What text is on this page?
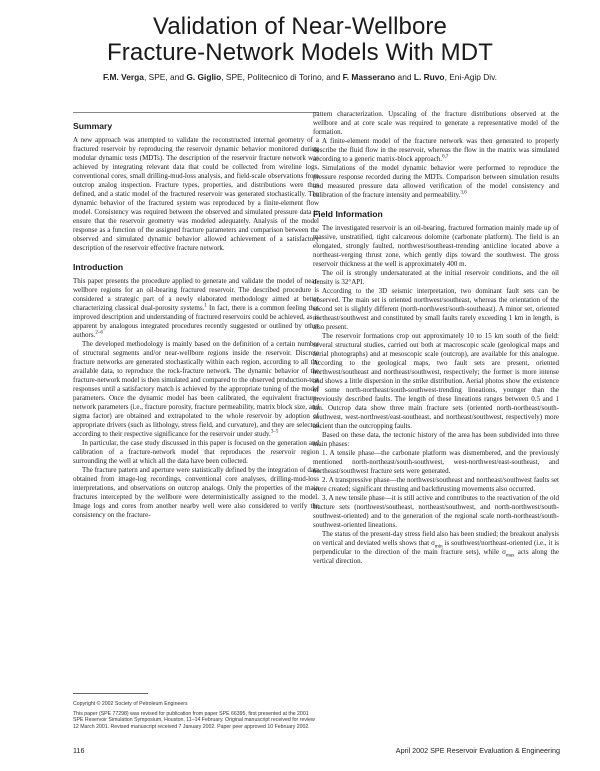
Validation of Near-Wellbore
Fracture-Network Models With MDT
F.M. Verga, SPE, and G. Giglio, SPE, Politecnico di Torino, and F. Masserano and L. Ruvo, Eni-Agip Div.
Summary

A new approach was attempted to validate the reconstructed internal geometry of a fractured reservoir by reproducing the reservoir dynamic behavior monitored during modular dynamic tests (MDTs). The description of the reservoir fracture network was achieved by integrating relevant data that could be collected from wireline logs, conventional cores, small drilling-mud-loss analysis, and field-scale observations from outcrop analog inspection. Fracture types, properties, and distributions were thus defined, and a static model of the fractured reservoir was generated stochastically. The dynamic behavior of the fractured system was reproduced by a finite-element flow model. Consistency was required between the observed and simulated pressure data to ensure that the reservoir geometry was modeled adequately. Analysis of the model response as a function of the assigned fracture parameters and comparison between the observed and simulated dynamic behavior allowed achievement of a satisfactory description of the reservoir effective fracture network.

Introduction

This paper presents the procedure applied to generate and validate the model of near-wellbore regions for an oil-bearing fractured reservoir. The described procedure is considered a strategic part of a newly elaborated methodology aimed at better characterizing classical dual-porosity systems.$^1$ In fact, there is a common feeling that improved description and understanding of fractured reservoirs could be achieved, as is apparent by analogous integrated procedures recently suggested or outlined by other authors.$^{2-6}$

The developed methodology is mainly based on the definition of a certain number of structural segments and/or near-wellbore regions inside the reservoir. Discrete fracture networks are generated stochastically within each region, according to all the available data, to reproduce the rock-fracture network. The dynamic behavior of the fracture-network model is then simulated and compared to the observed production-test responses until a satisfactory match is achieved by the appropriate tuning of the model parameters. Once the dynamic model has been calibrated, the equivalent fracture-network parameters (i.e., fracture porosity, fracture permeability, matrix block size, and sigma factor) are obtained and extrapolated to the whole reservoir by adoption of appropriate drivers (such as lithology, stress field, and curvature), and they are selected according to their respective significance for the reservoir under study.$^{3-5}$

In particular, the case study discussed in this paper is focused on the generation and calibration of a fracture-network model that reproduces the reservoir region surrounding the well at which all the data have been collected.

The fracture pattern and aperture were statistically defined by the integration of data obtained from image-log recordings, conventional core analyses, drilling-mud-loss interpretations, and observations on outcrop analogs. Only the properties of the main fractures intercepted by the wellbore were deterministically assigned to the model. Image logs and cores from another nearby well were also considered to verify the consistency on the fracture-

pattern characterization. Upscaling of the fracture distributions observed at the wellbore and at core scale was required to generate a representative model of the formation.

A finite-element model of the fracture network was then generated to properly describe the fluid flow in the reservoir, whereas the flow in the matrix was simulated according to a generic matrix-block approach.$^{6,7}$

Simulations of the model dynamic behavior were performed to reproduce the pressure response recorded during the MDTs. Comparison between simulation results and measured pressure data allowed verification of the model consistency and calibration of the fracture intensity and permeability.$^{3,6}$

Field Information

The investigated reservoir is an oil-bearing, fractured formation mainly made up of massive, unstratified, tight calcareous dolomite (carbonate platform). The field is an elongated, strongly faulted, northwest/southeast-trending anticline located above a northeast-verging thrust zone, which gently dips toward the southwest. The gross reservoir thickness at the well is approximately 400 m.

The oil is strongly undersaturated at the initial reservoir conditions, and the oil density is 32°API.

According to the 3D seismic interpretation, two dominant fault sets can be observed. The main set is oriented northwest/southeast, whereas the orientation of the second set is slightly different (north-northwest/south-southeast). A minor set, oriented northeast/southwest and constituted by small faults rarely exceeding 1 km in length, is also present.

The reservoir formations crop out approximately 10 to 15 km south of the field: several structural studies, carried out both at macroscopic scale (geological maps and aerial photographs) and at mesoscopic scale (outcrop), are available for this analogue. According to the geological maps, two fault sets are present, oriented northwest/southeast and northeast/southwest, respectively; the former is more intense and shows a little dispersion in the strike distribution. Aerial photos show the existence of some north-northeast/south-southwest-trending lineations, younger than the previously described faults. The length of these lineations ranges between 0.5 and 1 km. Outcrop data show three main fracture sets (oriented north-northeast/south-southwest, west-northwest/east-southeast, and northeast/southwest, respectively) more ancient than the outcropping faults.

Based on these data, the tectonic history of the area has been subdivided into three main phases:

1. A tensile phase—the carbonate platform was dismembered, and the previously mentioned north-northeast/south-southwest, west-northwest/east-southeast, and northeast/southwest fracture sets were generated.

2. A transpressive phase—the northwest/southeast and northeast/southwest faults set were created; significant thrusting and backthrusting movements also occurred.

3. A new tensile phase—it is still active and contributes to the reactivation of the old fracture sets (northwest/southeast, northeast/southwest, and north-northwest/south-southwest-oriented) and to the generation of the regional scale north-northeast/south-southwest-oriented lineations.

The status of the present-day stress field also has been studied; the breakout analysis on vertical and deviated wells shows that $\sigma_{min}$ is southwest/northeast-oriented (i.e., it is perpendicular to the direction of the main fracture sets), while $\sigma_{max}$ acts along the vertical direction.

Copyright © 2002 Society of Petroleum Engineers

This paper (SPE 77298) was revised for publication from paper SPE 66395, first presented at the 2001 SPE Reservoir Simulation Symposium, Houston, 11–14 February. Original manuscript received for review 12 March 2001. Revised manuscript received 7 January 2002. Paper peer approved 10 February 2002.

116	April 2002 SPE Reservoir Evaluation & Engineering
